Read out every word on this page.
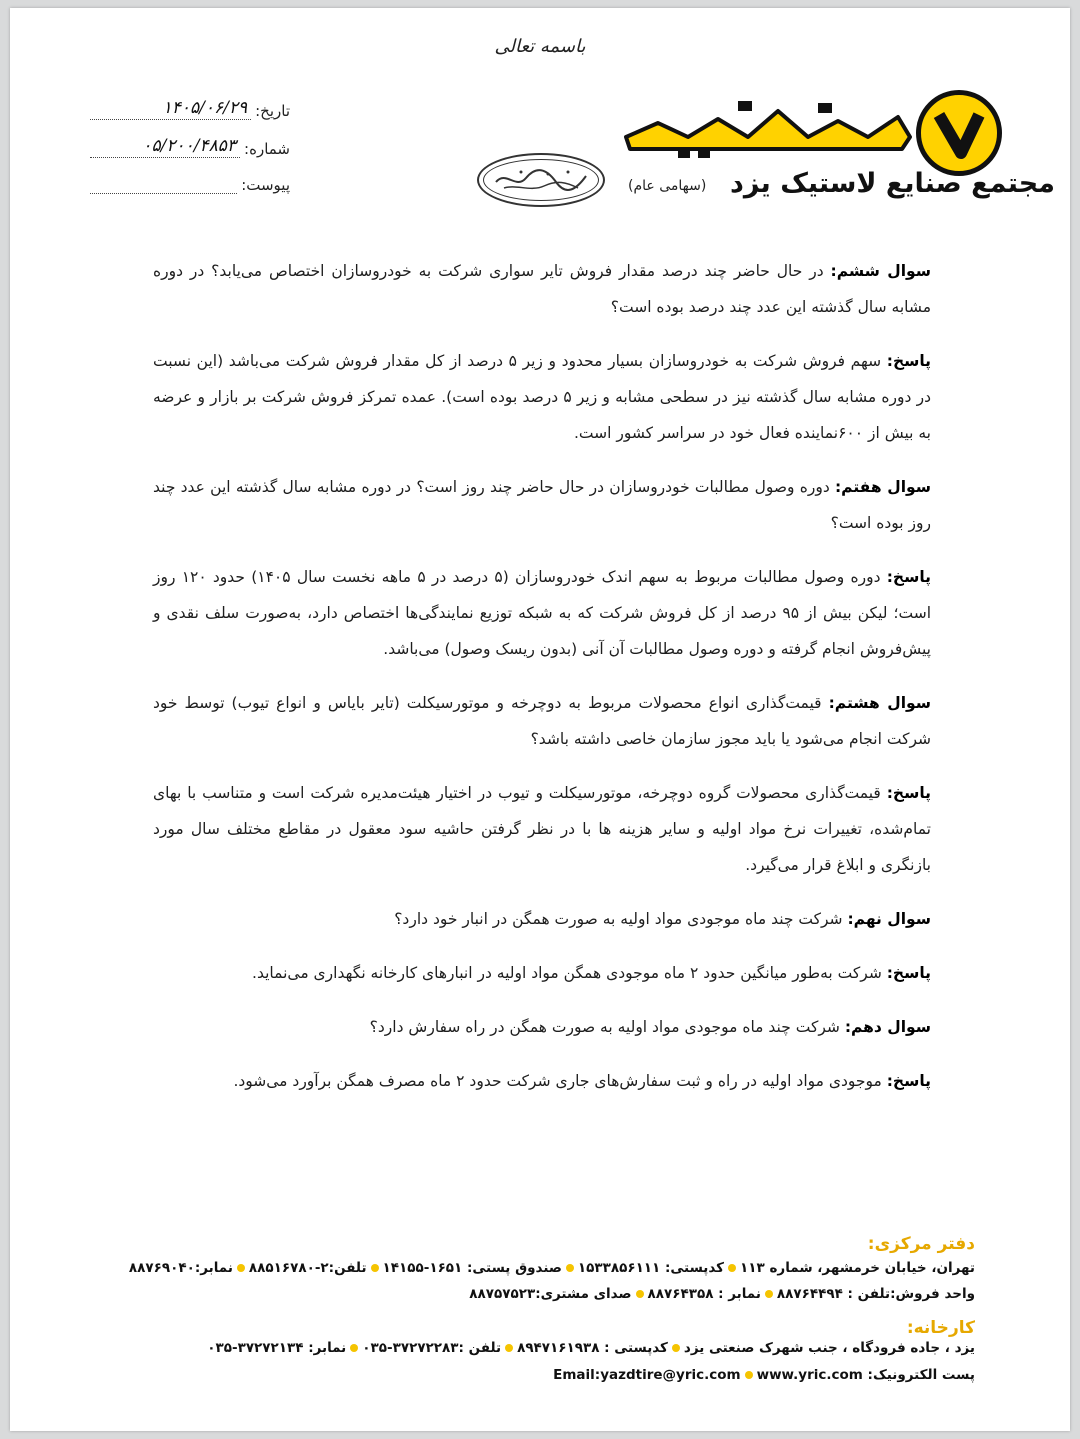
باسمه تعالی
تاریخ:
۱۴۰۵/۰۶/۲۹
شماره:
۰۵/۲۰۰/۴۸۵۳
پیوست:	مجتمع صنایع لاستیک یزد
(سهامی عام)

سوال ششم: در حال حاضر چند درصد مقدار فروش تایر سواری شرکت به خودروسازان اختصاص می‌یابد؟ در دوره مشابه سال گذشته این عدد چند درصد بوده است؟

پاسخ: سهم فروش شرکت به خودروسازان بسیار محدود و زیر ۵ درصد از کل مقدار فروش شرکت می‌باشد (این نسبت در دوره مشابه سال گذشته نیز در سطحی مشابه و زیر ۵ درصد بوده است). عمده تمرکز فروش شرکت بر بازار و عرضه به بیش از ۶۰۰نماینده فعال خود در سراسر کشور است.

سوال هفتم: دوره وصول مطالبات خودروسازان در حال حاضر چند روز است؟ در دوره مشابه سال گذشته این عدد چند روز بوده است؟

پاسخ: دوره وصول مطالبات مربوط به سهم اندک خودروسازان (۵ درصد در ۵ ماهه نخست سال ۱۴۰۵) حدود ۱۲۰ روز است؛ لیکن بیش از ۹۵ درصد از کل فروش شرکت که به شبکه توزیع نمایندگی‌ها اختصاص دارد، به‌صورت سلف نقدی و پیش‌فروش انجام گرفته و دوره وصول مطالبات آن آنی (بدون ریسک وصول) می‌باشد.

سوال هشتم: قیمت‌گذاری انواع محصولات مربوط به دوچرخه و موتورسیکلت (تایر بایاس و انواع تیوب) توسط خود شرکت انجام می‌شود یا باید مجوز سازمان خاصی داشته باشد؟

پاسخ: قیمت‌گذاری محصولات گروه دوچرخه، موتورسیکلت و تیوب در اختیار هیئت‌مدیره شرکت است و متناسب با بهای تمام‌شده، تغییرات نرخ مواد اولیه و سایر هزینه ها با در نظر گرفتن حاشیه سود معقول در مقاطع مختلف سال مورد بازنگری و ابلاغ قرار می‌گیرد.

سوال نهم: شرکت چند ماه موجودی مواد اولیه به صورت همگن در انبار خود دارد؟

پاسخ: شرکت به‌طور میانگین حدود ۲ ماه موجودی همگن مواد اولیه در انبارهای کارخانه نگهداری می‌نماید.

سوال دهم: شرکت چند ماه موجودی مواد اولیه به صورت همگن در راه سفارش دارد؟

پاسخ: موجودی مواد اولیه در راه و ثبت سفارش‌های جاری شرکت حدود ۲ ماه مصرف همگن برآورد می‌شود.

دفتر مرکزی:
تهران، خیابان خرمشهر، شماره ۱۱۳کدپستی: ۱۵۳۳۸۵۶۱۱۱صندوق پستی: ۱۶۵۱-۱۴۱۵۵تلفن:۲-۸۸۵۱۶۷۸۰نمابر:۸۸۷۶۹۰۴۰
واحد فروش:تلفن : ۸۸۷۶۴۴۹۴نمابر : ۸۸۷۶۴۳۵۸صدای مشتری:۸۸۷۵۷۵۲۳
کارخانه:
یزد ، جاده فرودگاه ، جنب شهرک صنعتی یزدکدپستی : ۸۹۴۷۱۶۱۹۳۸تلفن :۳۷۲۷۲۲۸۳-۰۳۵نمابر: ۳۷۲۷۲۱۳۴-۰۳۵
پست الکترونیک: Email:yazdtire@yric.com www.yric.com
